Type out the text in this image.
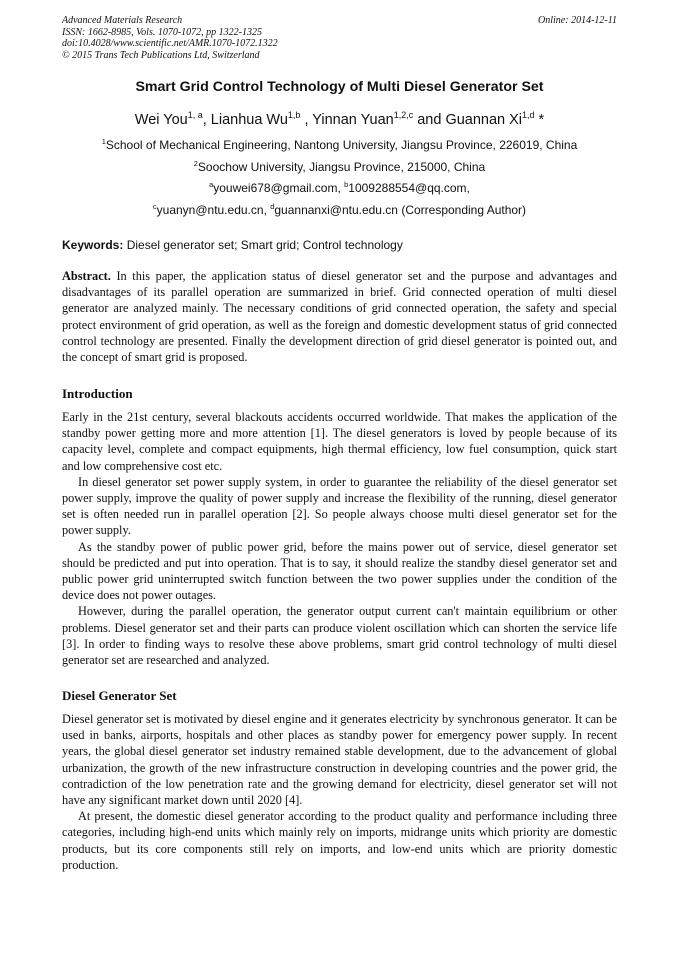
Advanced Materials Research
ISSN: 1662-8985, Vols. 1070-1072, pp 1322-1325
doi:10.4028/www.scientific.net/AMR.1070-1072.1322
© 2015 Trans Tech Publications Ltd, Switzerland
Online: 2014-12-11
Smart Grid Control Technology of Multi Diesel Generator Set
Wei You$^{1, a}$, Lianhua Wu$^{1,b}$ , Yinnan Yuan$^{1,2,c}$ and Guannan Xi$^{1,d}$ *
$^1$School of Mechanical Engineering, Nantong University, Jiangsu Province, 226019, China
$^2$Soochow University, Jiangsu Province, 215000, China
$^a$youwei678@gmail.com, $^b$1009288554@qq.com,
$^c$yuanyn@ntu.edu.cn, $^d$guannanxi@ntu.edu.cn (Corresponding Author)
Keywords: Diesel generator set; Smart grid; Control technology

Abstract. In this paper, the application status of diesel generator set and the purpose and advantages and disadvantages of its parallel operation are summarized in brief. Grid connected operation of multi diesel generator are analyzed mainly. The necessary conditions of grid connected operation, the safety and special protect environment of grid operation, as well as the foreign and domestic development status of grid connected control technology are presented. Finally the development direction of grid diesel generator is pointed out, and the concept of smart grid is proposed.

Introduction

Early in the 21st century, several blackouts accidents occurred worldwide. That makes the application of the standby power getting more and more attention [1]. The diesel generators is loved by people because of its capacity level, complete and compact equipments, high thermal efficiency, low fuel consumption, quick start and low comprehensive cost etc.

In diesel generator set power supply system, in order to guarantee the reliability of the diesel generator set power supply, improve the quality of power supply and increase the flexibility of the running, diesel generator set is often needed run in parallel operation [2]. So people always choose multi diesel generator set for the power supply.

As the standby power of public power grid, before the mains power out of service, diesel generator set should be predicted and put into operation. That is to say, it should realize the standby diesel generator set and public power grid uninterrupted switch function between the two power supplies under the condition of the device does not power outages.

However, during the parallel operation, the generator output current can't maintain equilibrium or other problems. Diesel generator set and their parts can produce violent oscillation which can shorten the service life [3]. In order to finding ways to resolve these above problems, smart grid control technology of multi diesel generator set are researched and analyzed.

Diesel Generator Set

Diesel generator set is motivated by diesel engine and it generates electricity by synchronous generator. It can be used in banks, airports, hospitals and other places as standby power for emergency power supply. In recent years, the global diesel generator set industry remained stable development, due to the advancement of global urbanization, the growth of the new infrastructure construction in developing countries and the power grid, the contradiction of the low penetration rate and the growing demand for electricity, diesel generator set will not have any significant market down until 2020 [4].

At present, the domestic diesel generator according to the product quality and performance including three categories, including high-end units which mainly rely on imports, midrange units which priority are domestic products, but its core components still rely on imports, and low-end units which are priority domestic production.
